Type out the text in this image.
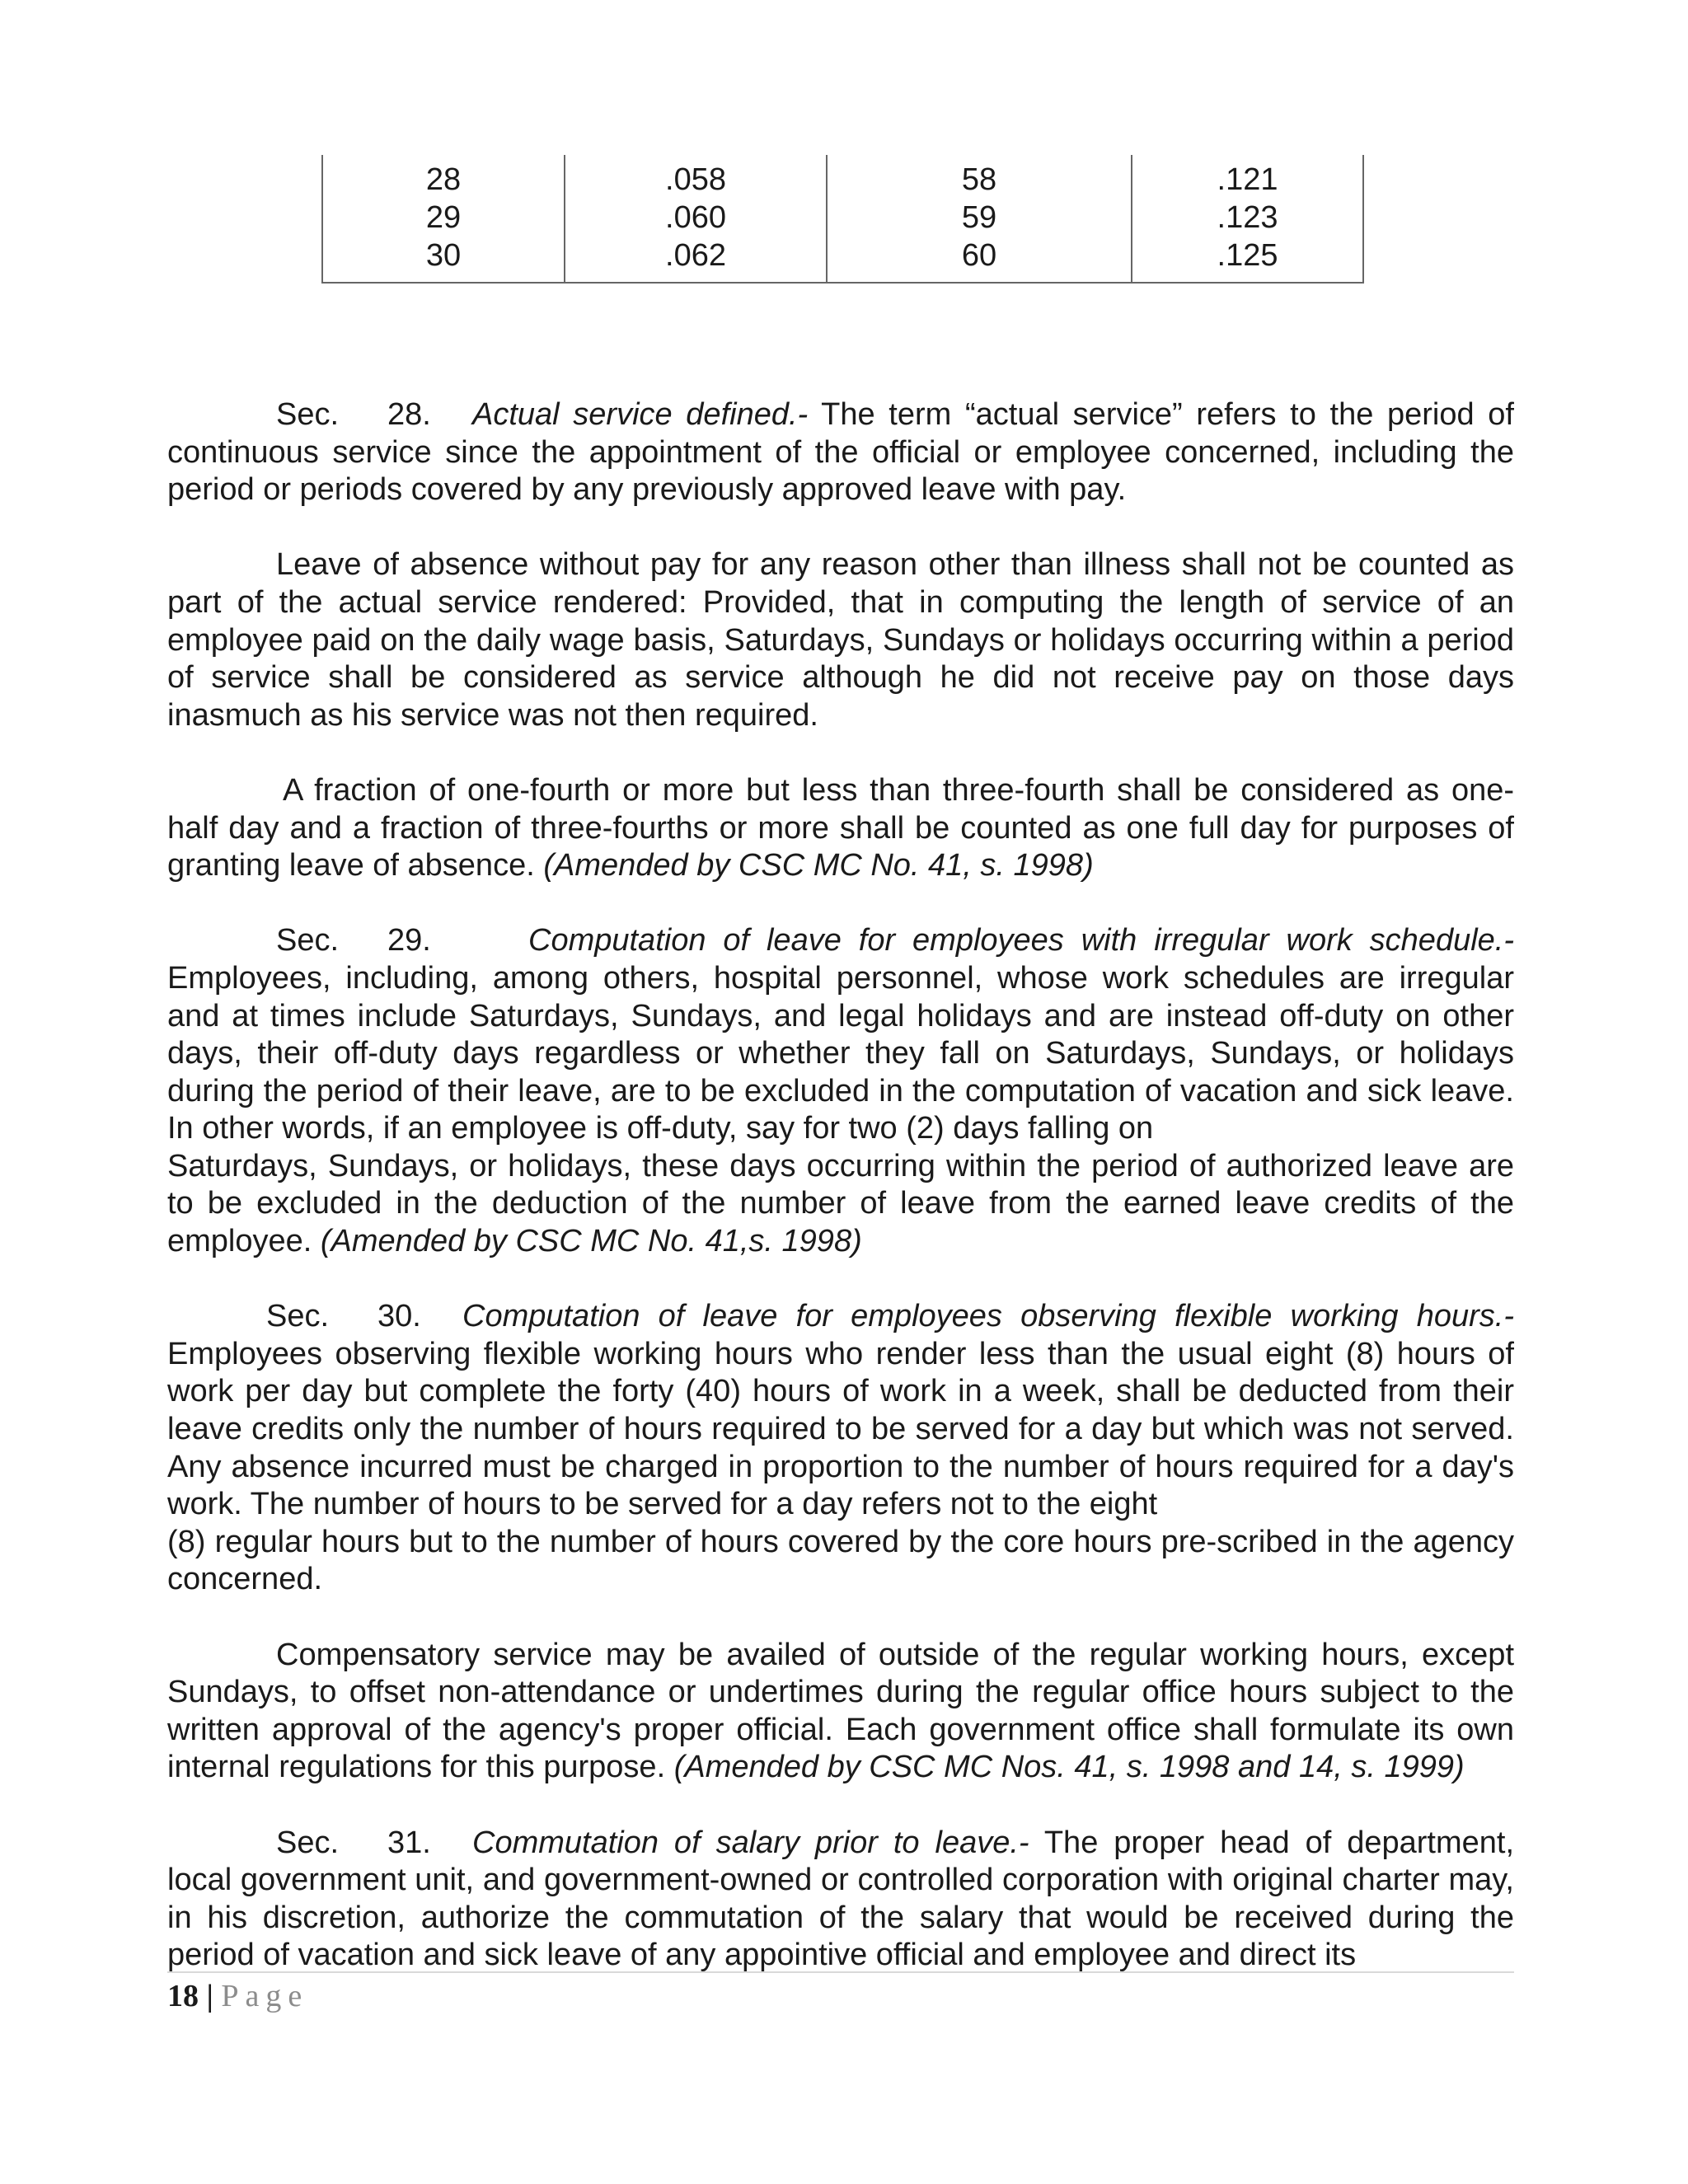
28
29
30
.058
.060
.062
58
59
60
.121
.123
.125

Sec. 28. Actual service defined.- The term “actual service” refers to the period of continuous service since the appointment of the official or employee concerned, including the period or periods covered by any previously approved leave with pay.

Leave of absence without pay for any reason other than illness shall not be counted as part of the actual service rendered: Provided, that in computing the length of service of an employee paid on the daily wage basis, Saturdays, Sundays or holidays occurring within a period of service shall be considered as service although he did not receive pay on those days inasmuch as his service was not then required.

A fraction of one-fourth or more but less than three-fourth shall be considered as one-half day and a fraction of three-fourths or more shall be counted as one full day for purposes of granting leave of absence. (Amended by CSC MC No. 41, s. 1998)

Sec. 29.	Computation of leave for employees with irregular work schedule.- Employees, including, among others, hospital personnel, whose work schedules are irregular and at times include Saturdays, Sundays, and legal holidays and are instead off-duty on other days, their off-duty days regardless or whether they fall on Saturdays, Sundays, or holidays during the period of their leave, are to be excluded in the computation of vacation and sick leave. In other words, if an employee is off-duty, say for two (2) days falling on
Saturdays, Sundays, or holidays, these days occurring within the period of authorized leave are to be excluded in the deduction of the number of leave from the earned leave credits of the employee. (Amended by CSC MC No. 41,s. 1998)

Sec. 30. Computation of leave for employees observing flexible working hours.- Employees observing flexible working hours who render less than the usual eight (8) hours of work per day but complete the forty (40) hours of work in a week, shall be deducted from their leave credits only the number of hours required to be served for a day but which was not served. Any absence incurred must be charged in proportion to the number of hours required for a day's work. The number of hours to be served for a day refers not to the eight
(8) regular hours but to the number of hours covered by the core hours pre-scribed in the agency concerned.

Compensatory service may be availed of outside of the regular working hours, except Sundays, to offset non-attendance or undertimes during the regular office hours subject to the written approval of the agency's proper official. Each government office shall formulate its own internal regulations for this purpose. (Amended by CSC MC Nos. 41, s. 1998 and 14, s. 1999)

Sec. 31. Commutation of salary prior to leave.- The proper head of department, local government unit, and government-owned or controlled corporation with original charter may, in his discretion, authorize the commutation of the salary that would be received during the period of vacation and sick leave of any appointive official and employee and direct its

18 | Page
